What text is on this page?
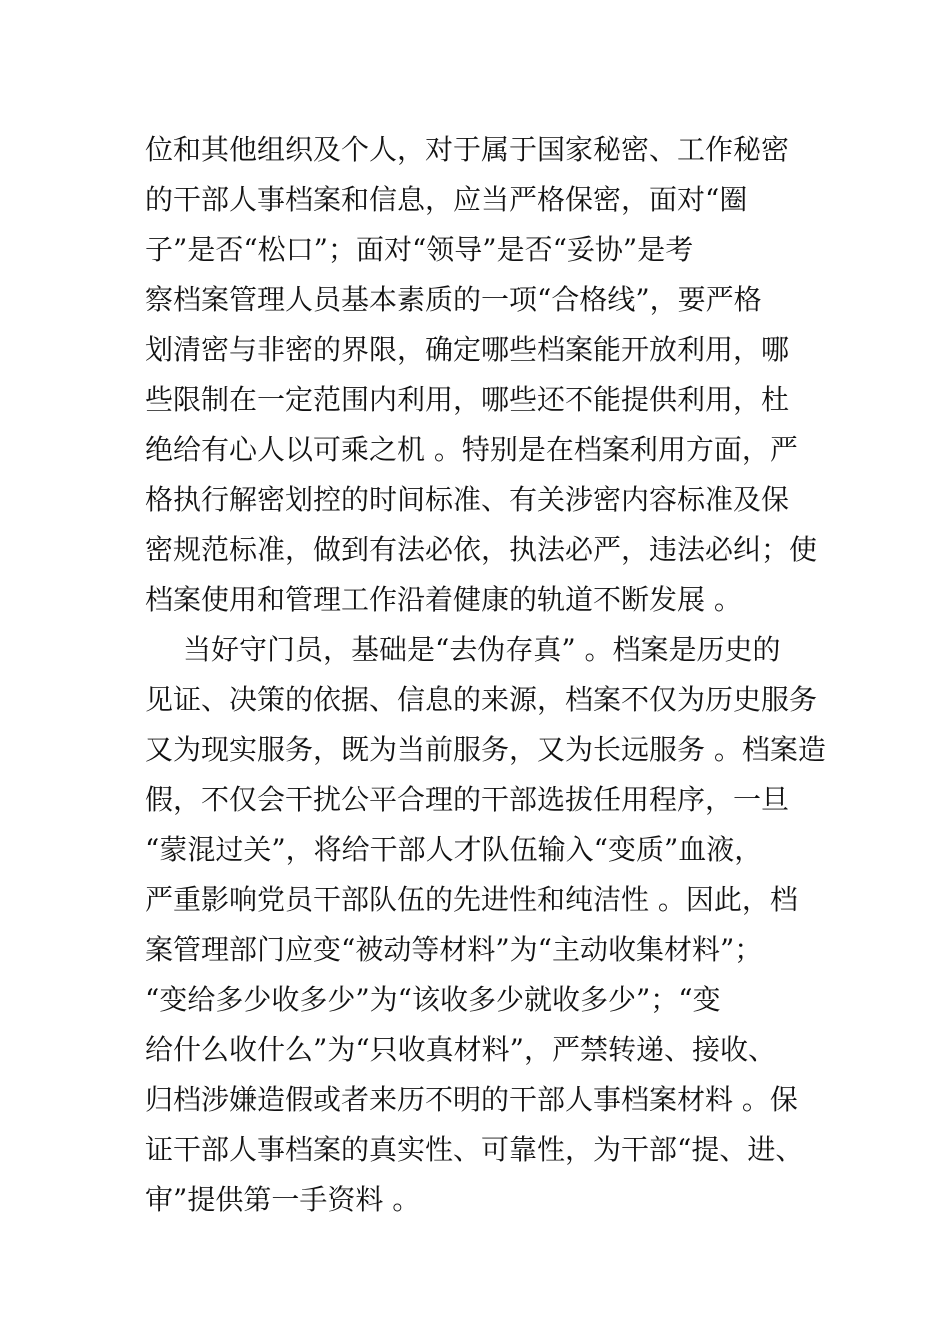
位和其他组织及个人，对于属于国家秘密、工作秘密
的干部人事档案和信息，应当严格保密，面对“圈
子”是否“松口”；面对“领导”是否“妥协”是考
察档案管理人员基本素质的一项“合格线”，要严格
划清密与非密的界限，确定哪些档案能开放利用，哪
些限制在一定范围内利用，哪些还不能提供利用，杜
绝给有心人以可乘之机 。特别是在档案利用方面，严
格执行解密划控的时间标准、有关涉密内容标准及保
密规范标准，做到有法必依，执法必严，违法必纠；使
档案使用和管理工作沿着健康的轨道不断发展 。
当好守门员，基础是“去伪存真” 。档案是历史的
见证、决策的依据、信息的来源，档案不仅为历史服务
又为现实服务，既为当前服务，又为长远服务 。档案造
假，不仅会干扰公平合理的干部选拔任用程序，一旦
“蒙混过关”，将给干部人才队伍输入“变质”血液，
严重影响党员干部队伍的先进性和纯洁性 。因此，档
案管理部门应变“被动等材料”为“主动收集材料”；
“变给多少收多少”为“该收多少就收多少”；“变
给什么收什么”为“只收真材料”，严禁转递、接收、
归档涉嫌造假或者来历不明的干部人事档案材料 。保
证干部人事档案的真实性、可靠性，为干部“提、进、
审”提供第一手资料 。
